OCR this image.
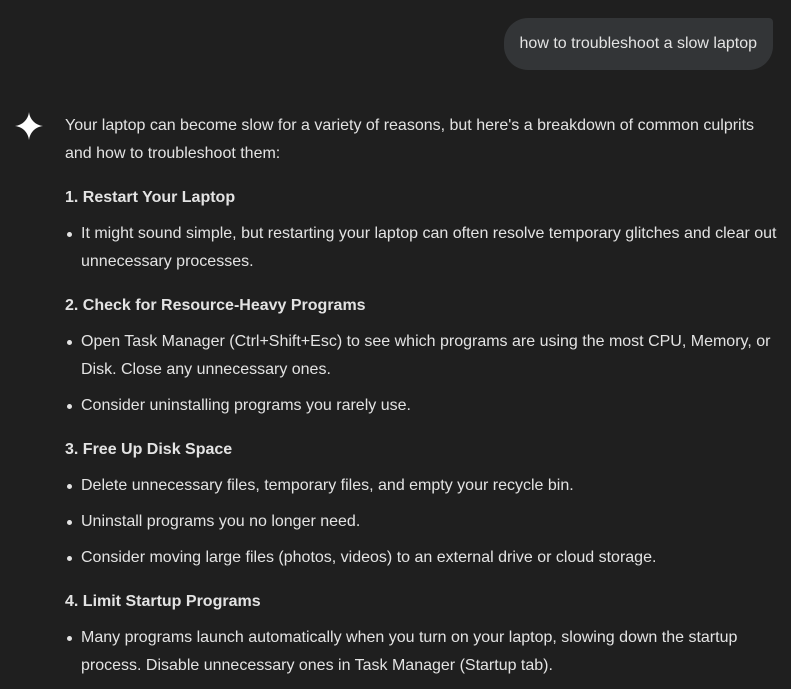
how to troubleshoot a slow laptop

Your laptop can become slow for a variety of reasons, but here's a breakdown of common culprits and how to troubleshoot them:

1. Restart Your Laptop
It might sound simple, but restarting your laptop can often resolve temporary glitches and clear out unnecessary processes.
2. Check for Resource-Heavy Programs
Open Task Manager (Ctrl+Shift+Esc) to see which programs are using the most CPU, Memory, or Disk. Close any unnecessary ones.
Consider uninstalling programs you rarely use.
3. Free Up Disk Space
Delete unnecessary files, temporary files, and empty your recycle bin.
Uninstall programs you no longer need.
Consider moving large files (photos, videos) to an external drive or cloud storage.
4. Limit Startup Programs
Many programs launch automatically when you turn on your laptop, slowing down the startup process. Disable unnecessary ones in Task Manager (Startup tab).
